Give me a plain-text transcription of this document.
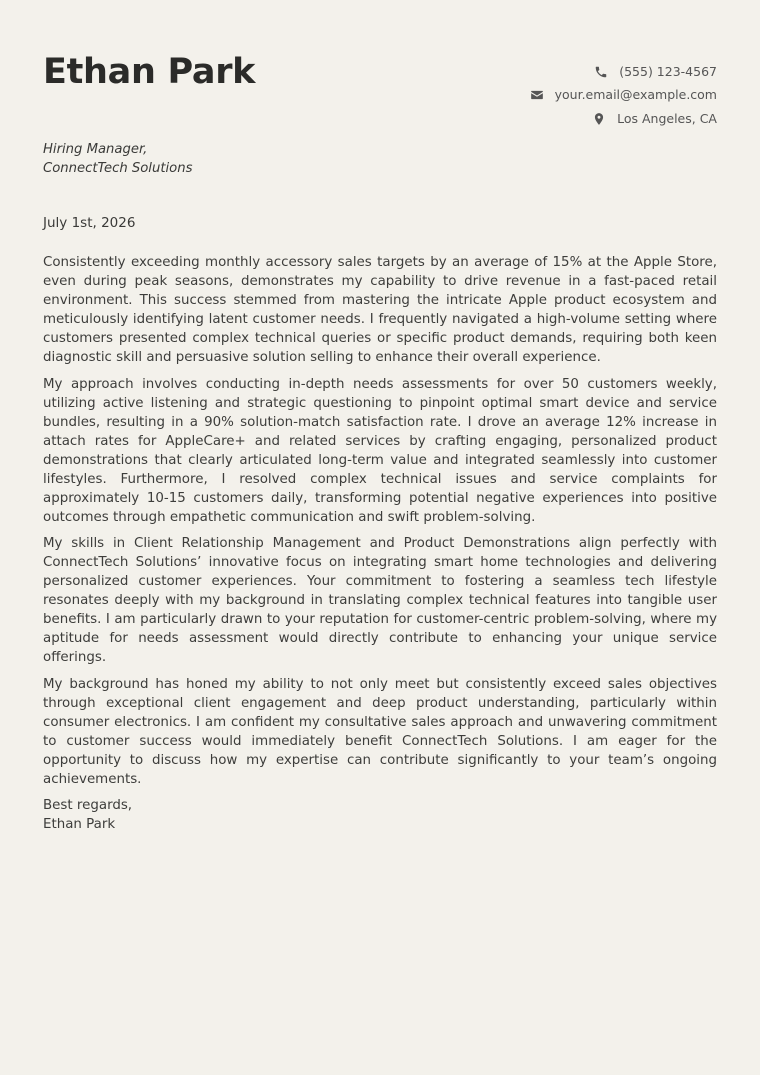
Ethan Park	(555) 123-4567
your.email@example.com
Los Angeles, CA
Hiring Manager,
ConnectTech Solutions
July 1st, 2026

Consistently exceeding monthly accessory sales targets by an average of 15% at the Apple Store, even during peak seasons, demonstrates my capability to drive revenue in a fast-paced retail environment. This success stemmed from mastering the intricate Apple product ecosystem and meticulously identifying latent customer needs. I frequently navigated a high-volume setting where customers presented complex technical queries or specific product demands, requiring both keen diagnostic skill and persuasive solution selling to enhance their overall experience.

My approach involves conducting in-depth needs assessments for over 50 customers weekly, utilizing active listening and strategic questioning to pinpoint optimal smart device and service bundles, resulting in a 90% solution-match satisfaction rate. I drove an average 12% increase in attach rates for AppleCare+ and related services by crafting engaging, personalized product demonstrations that clearly articulated long-term value and integrated seamlessly into customer lifestyles. Furthermore, I resolved complex technical issues and service complaints for approximately 10-15 customers daily, transforming potential negative experiences into positive outcomes through empathetic communication and swift problem-solving.

My skills in Client Relationship Management and Product Demonstrations align perfectly with ConnectTech Solutions’ innovative focus on integrating smart home technologies and delivering personalized customer experiences. Your commitment to fostering a seamless tech lifestyle resonates deeply with my background in translating complex technical features into tangible user benefits. I am particularly drawn to your reputation for customer-centric problem-solving, where my aptitude for needs assessment would directly contribute to enhancing your unique service offerings.

My background has honed my ability to not only meet but consistently exceed sales objectives through exceptional client engagement and deep product understanding, particularly within consumer electronics. I am confident my consultative sales approach and unwavering commitment to customer success would immediately benefit ConnectTech Solutions. I am eager for the opportunity to discuss how my expertise can contribute significantly to your team’s ongoing achievements.

Best regards,
Ethan Park
